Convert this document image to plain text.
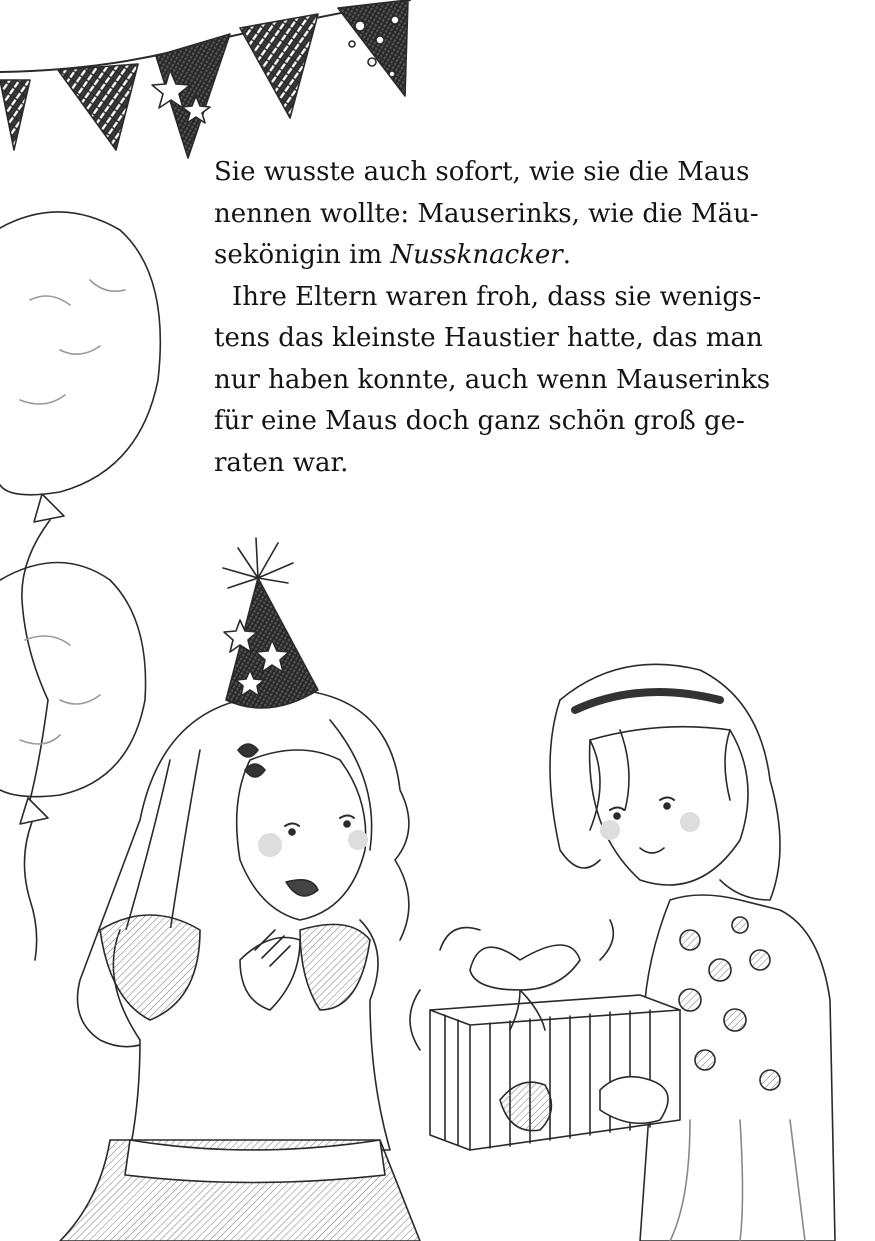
Sie wusste auch sofort, wie sie die Maus
nennen wollte: Mauserinks, wie die Mäu-
sekönigin im Nussknacker.
Ihre Eltern waren froh, dass sie wenigs-
tens das kleinste Haustier hatte, das man
nur haben konnte, auch wenn Mauserinks
für eine Maus doch ganz schön groß ge-
raten war.
